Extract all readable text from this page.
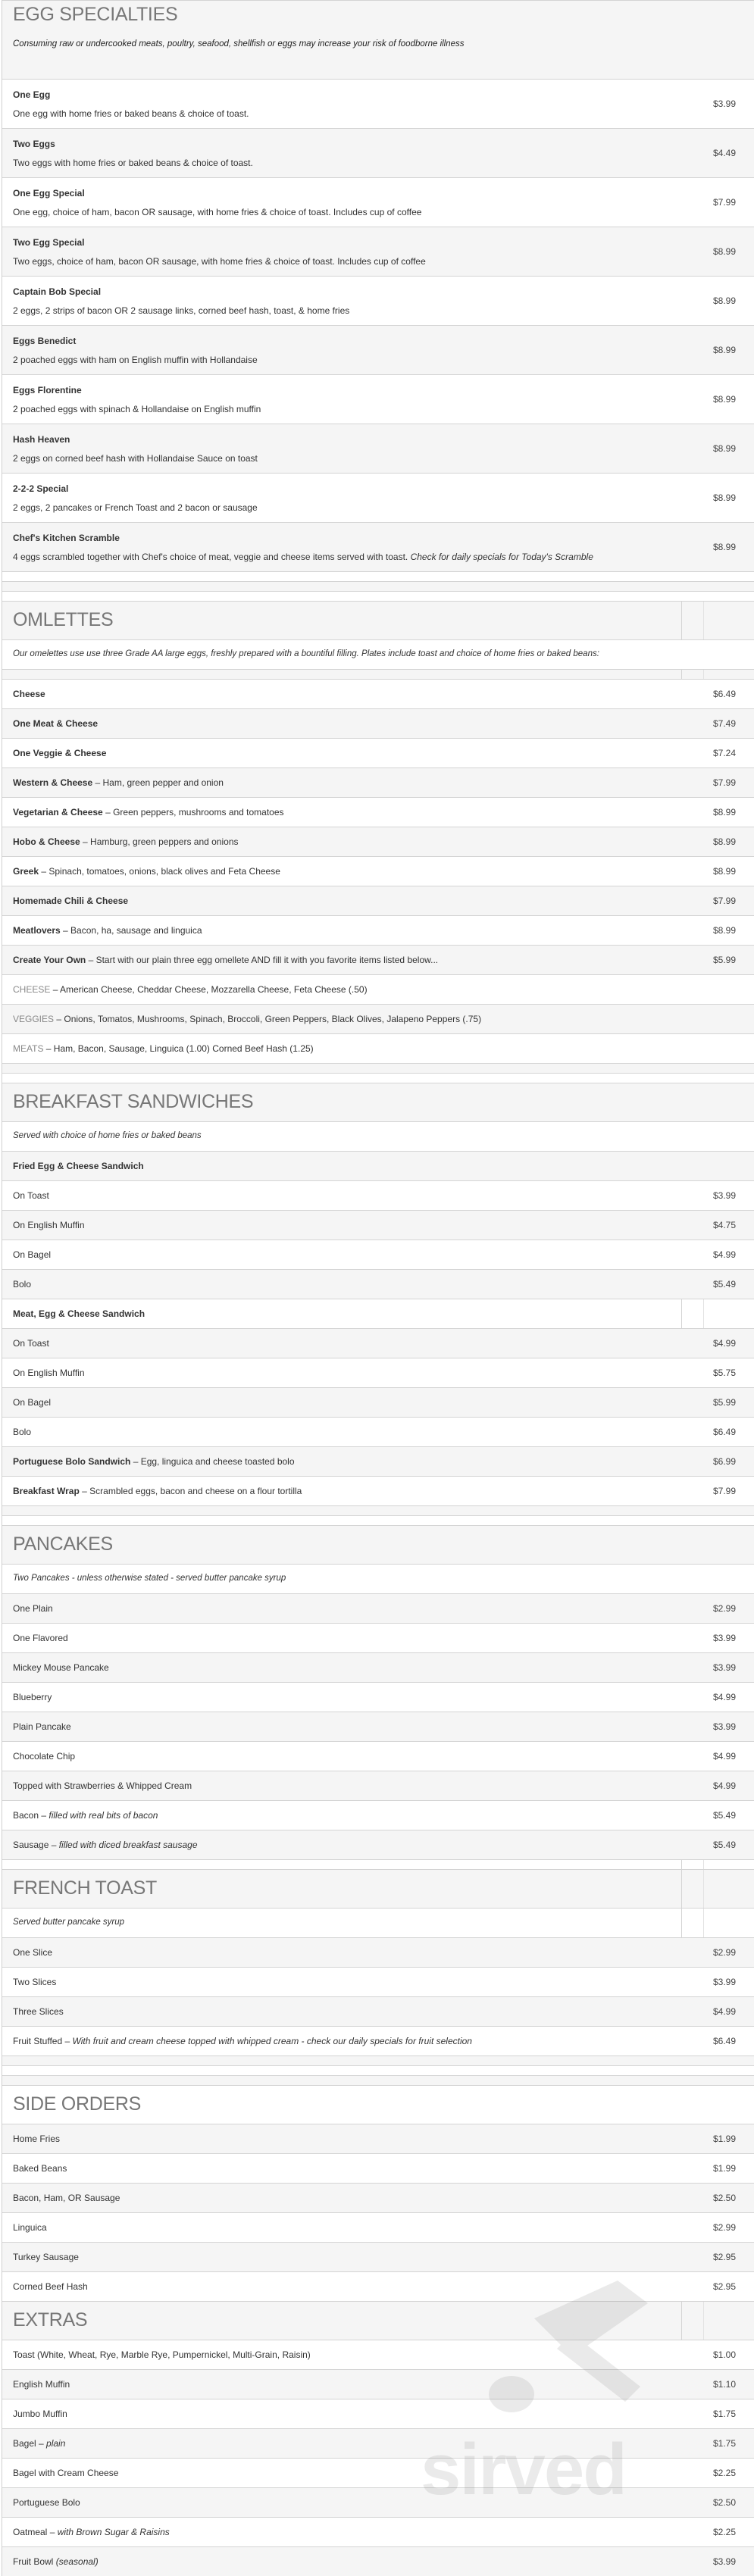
EGG SPECIALTIES
Consuming raw or undercooked meats, poultry, seafood, shellfish or eggs may increase your risk of foodborne illness
One Egg
One egg with home fries or baked beans & choice of toast.
$3.99
Two Eggs
Two eggs with home fries or baked beans & choice of toast.
$4.49
One Egg Special
One egg, choice of ham, bacon OR sausage, with home fries & choice of toast. Includes cup of coffee
$7.99
Two Egg Special
Two eggs, choice of ham, bacon OR sausage, with home fries & choice of toast. Includes cup of coffee
$8.99
Captain Bob Special
2 eggs, 2 strips of bacon OR 2 sausage links, corned beef hash, toast, & home fries
$8.99
Eggs Benedict
2 poached eggs with ham on English muffin with Hollandaise
$8.99
Eggs Florentine
2 poached eggs with spinach & Hollandaise on English muffin
$8.99
Hash Heaven
2 eggs on corned beef hash with Hollandaise Sauce on toast
$8.99
2-2-2 Special
2 eggs, 2 pancakes or French Toast and 2 bacon or sausage
$8.99
Chef's Kitchen Scramble
4 eggs scrambled together with Chef's choice of meat, veggie and cheese items served with toast. Check for daily specials for Today's Scramble
$8.99
OMLETTES
Our omelettes use use three Grade AA large eggs, freshly prepared with a bountiful filling. Plates include toast and choice of home fries or baked beans:
Cheese	$6.49
One Meat & Cheese	$7.49
One Veggie & Cheese	$7.24
Western & Cheese – Ham, green pepper and onion	$7.99
Vegetarian & Cheese – Green peppers, mushrooms and tomatoes	$8.99
Hobo & Cheese – Hamburg, green peppers and onions	$8.99
Greek – Spinach, tomatoes, onions, black olives and Feta Cheese	$8.99
Homemade Chili & Cheese	$7.99
Meatlovers – Bacon, ha, sausage and linguica	$8.99
Create Your Own – Start with our plain three egg omellete AND fill it with you favorite items listed below...	$5.99
CHEESE – American Cheese, Cheddar Cheese, Mozzarella Cheese, Feta Cheese (.50)
VEGGIES – Onions, Tomatos, Mushrooms, Spinach, Broccoli, Green Peppers, Black Olives, Jalapeno Peppers (.75)
MEATS – Ham, Bacon, Sausage, Linguica (1.00) Corned Beef Hash (1.25)
BREAKFAST SANDWICHES
Served with choice of home fries or baked beans
Fried Egg & Cheese Sandwich
On Toast	$3.99
On English Muffin	$4.75
On Bagel	$4.99
Bolo	$5.49
Meat, Egg & Cheese Sandwich
On Toast	$4.99
On English Muffin	$5.75
On Bagel	$5.99
Bolo	$6.49
Portuguese Bolo Sandwich – Egg, linguica and cheese toasted bolo	$6.99
Breakfast Wrap – Scrambled eggs, bacon and cheese on a flour tortilla	$7.99
PANCAKES
Two Pancakes - unless otherwise stated - served butter pancake syrup
One Plain	$2.99
One Flavored	$3.99
Mickey Mouse Pancake	$3.99
Blueberry	$4.99
Plain Pancake	$3.99
Chocolate Chip	$4.99
Topped with Strawberries & Whipped Cream	$4.99
Bacon – filled with real bits of bacon	$5.49
Sausage – filled with diced breakfast sausage	$5.49
FRENCH TOAST
Served butter pancake syrup
One Slice	$2.99
Two Slices	$3.99
Three Slices	$4.99
Fruit Stuffed – With fruit and cream cheese topped with whipped cream - check our daily specials for fruit selection	$6.49
SIDE ORDERS
Home Fries	$1.99
Baked Beans	$1.99
Bacon, Ham, OR Sausage	$2.50
Linguica	$2.99
Turkey Sausage	$2.95
Corned Beef Hash	$2.95
EXTRAS
Toast (White, Wheat, Rye, Marble Rye, Pumpernickel, Multi-Grain, Raisin)	$1.00
English Muffin	$1.10
Jumbo Muffin	$1.75
Bagel – plain	$1.75
Bagel with Cream Cheese	$2.25
Portuguese Bolo	$2.50
Oatmeal – with Brown Sugar & Raisins	$2.25
Fruit Bowl (seasonal)	$3.99
